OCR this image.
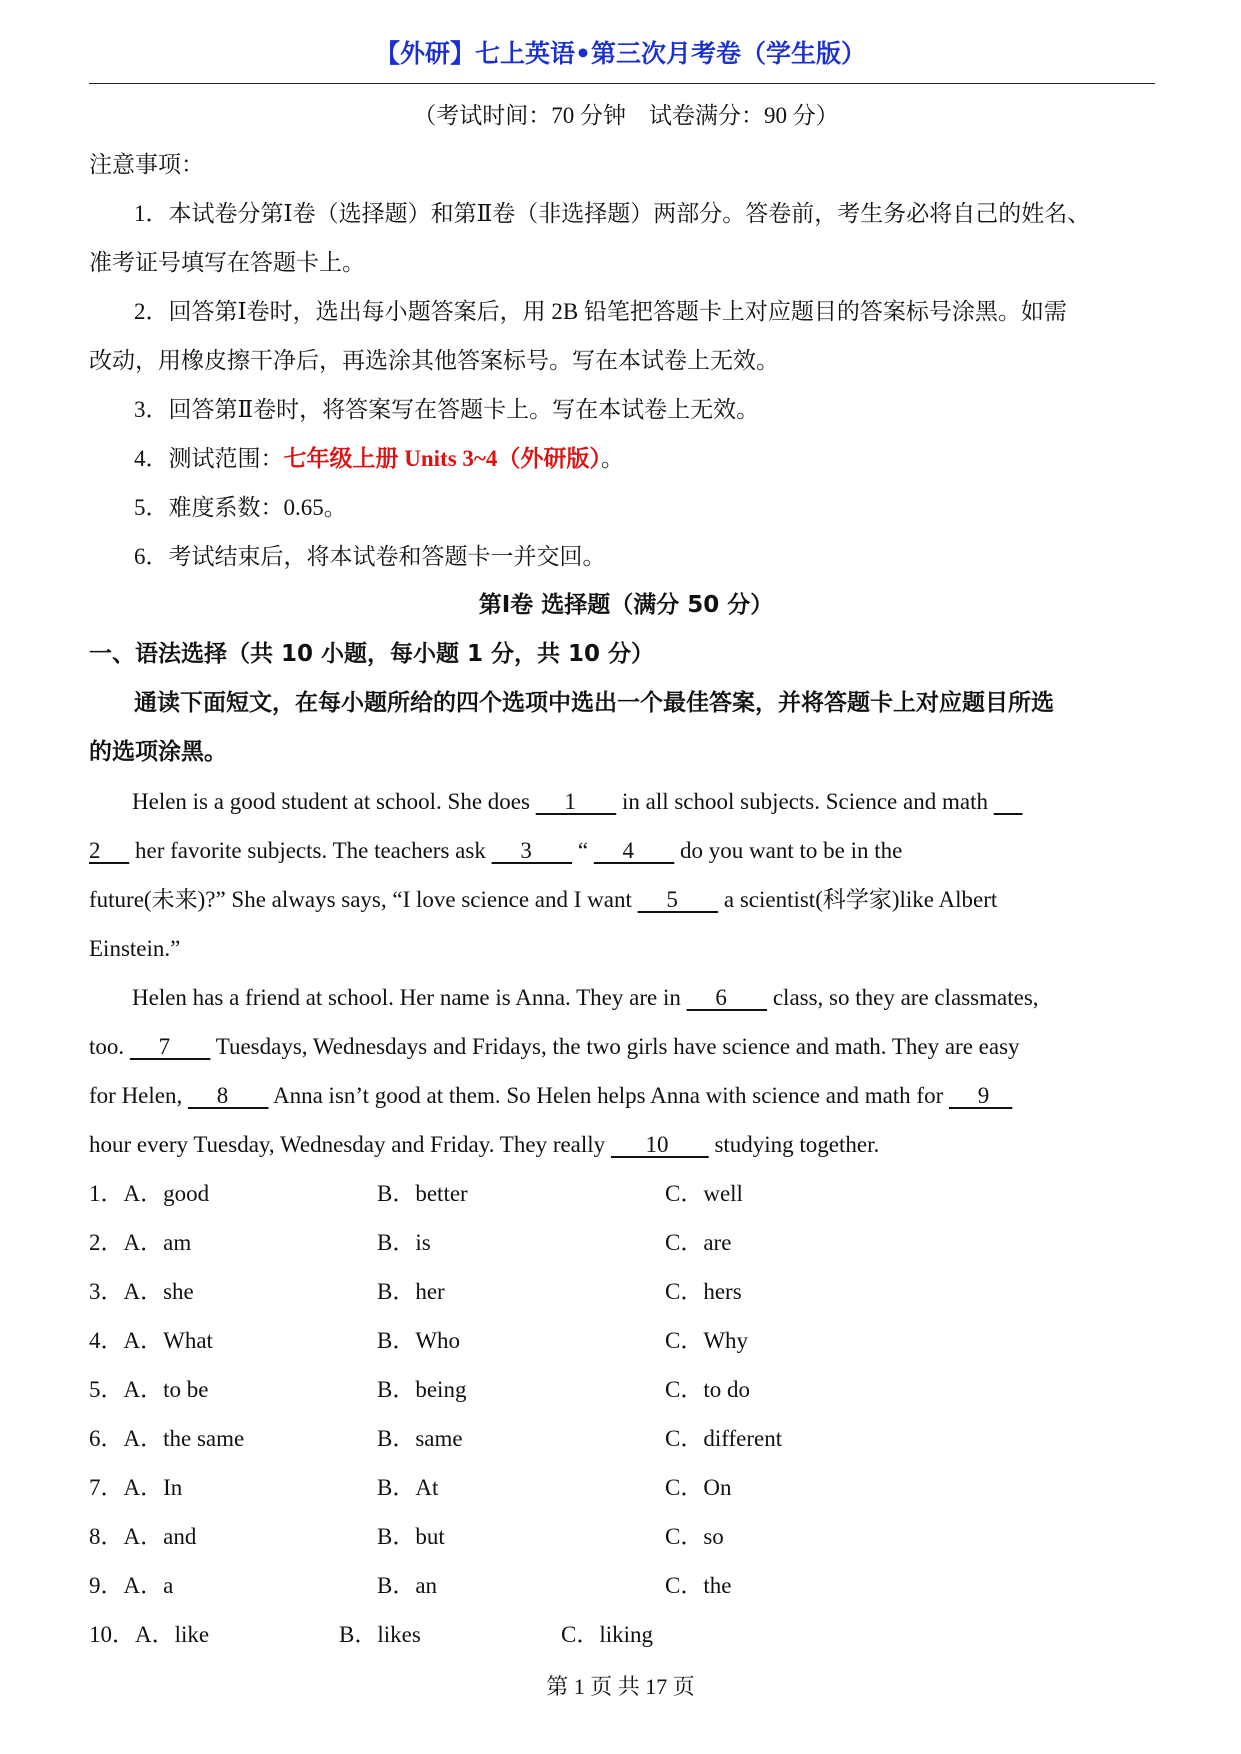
【外研】七上英语•第三次月考卷（学生版）
（考试时间：70 分钟　试卷满分：90 分）
注意事项：
1．本试卷分第Ⅰ卷（选择题）和第Ⅱ卷（非选择题）两部分。答卷前，考生务必将自己的姓名、
准考证号填写在答题卡上。
2．回答第Ⅰ卷时，选出每小题答案后，用 2B 铅笔把答题卡上对应题目的答案标号涂黑。如需
改动，用橡皮擦干净后，再选涂其他答案标号。写在本试卷上无效。
3．回答第Ⅱ卷时，将答案写在答题卡上。写在本试卷上无效。
4．测试范围：七年级上册 Units 3~4（外研版）。
5．难度系数：0.65。
6．考试结束后，将本试卷和答题卡一并交回。
第Ⅰ卷 选择题（满分 50 分）
一、语法选择（共 10 小题，每小题 1 分，共 10 分）
通读下面短文，在每小题所给的四个选项中选出一个最佳答案，并将答题卡上对应题目所选
的选项涂黑。
Helen is a good student at school. She does      1        in all school subjects. Science and math
2      her favorite subjects. The teachers ask      3        “      4        do you want to be in the
future(未来)?” She always says, “I love science and I want      5        a scientist(科学家)like Albert
Einstein.”
Helen has a friend at school. Her name is Anna. They are in      6        class, so they are classmates,
too.      7        Tuesdays, Wednesdays and Fridays, the two girls have science and math. They are easy
for Helen,      8        Anna isn’t good at them. So Helen helps Anna with science and math for      9
hour every Tuesday, Wednesday and Friday. They really       10        studying together.
1．A．good	B．better	C．well
2．A．am	B．is	C．are
3．A．she	B．her	C．hers
4．A．What	B．Who	C．Why
5．A．to be	B．being	C．to do
6．A．the same	B．same	C．different
7．A．In	B．At	C．On
8．A．and	B．but	C．so
9．A．a	B．an	C．the
10．A．like	B．likes	C．liking
第 1 页 共 17 页
